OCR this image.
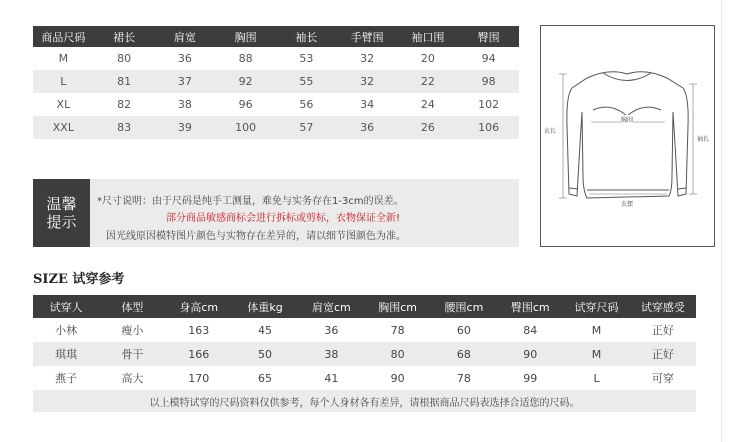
商品尺码	裙长	肩宽	胸围	袖长	手臂围	袖口围	臀围
M	80	36	88	53	32	20	94
L	81	37	92	55	32	22	98
XL	82	38	96	56	34	24	102
XXL	83	39	100	57	36	26	106
温馨
提示
*尺寸说明：由于尺码是纯手工测量，难免与实务存在1-3cm的误差。
部分商品敏感商标会进行拆标或剪标，衣物保证全新!
因光线原因模特图片颜色与实物存在差异的，请以细节图颜色为准。
衣长
胸围
袖长
衣摆
SIZE 试穿参考
试穿人	体型	身高cm	体重kg	肩宽cm	胸围cm	腰围cm	臀围cm	试穿尺码	试穿感受
小林	瘦小	163	45	36	78	60	84	M	正好
琪琪	骨干	166	50	38	80	68	90	M	正好
燕子	高大	170	65	41	90	78	99	L	可穿
以上模特试穿的尺码资料仅供参考，每个人身材各有差异，请根据商品尺码表选择合适您的尺码。									
